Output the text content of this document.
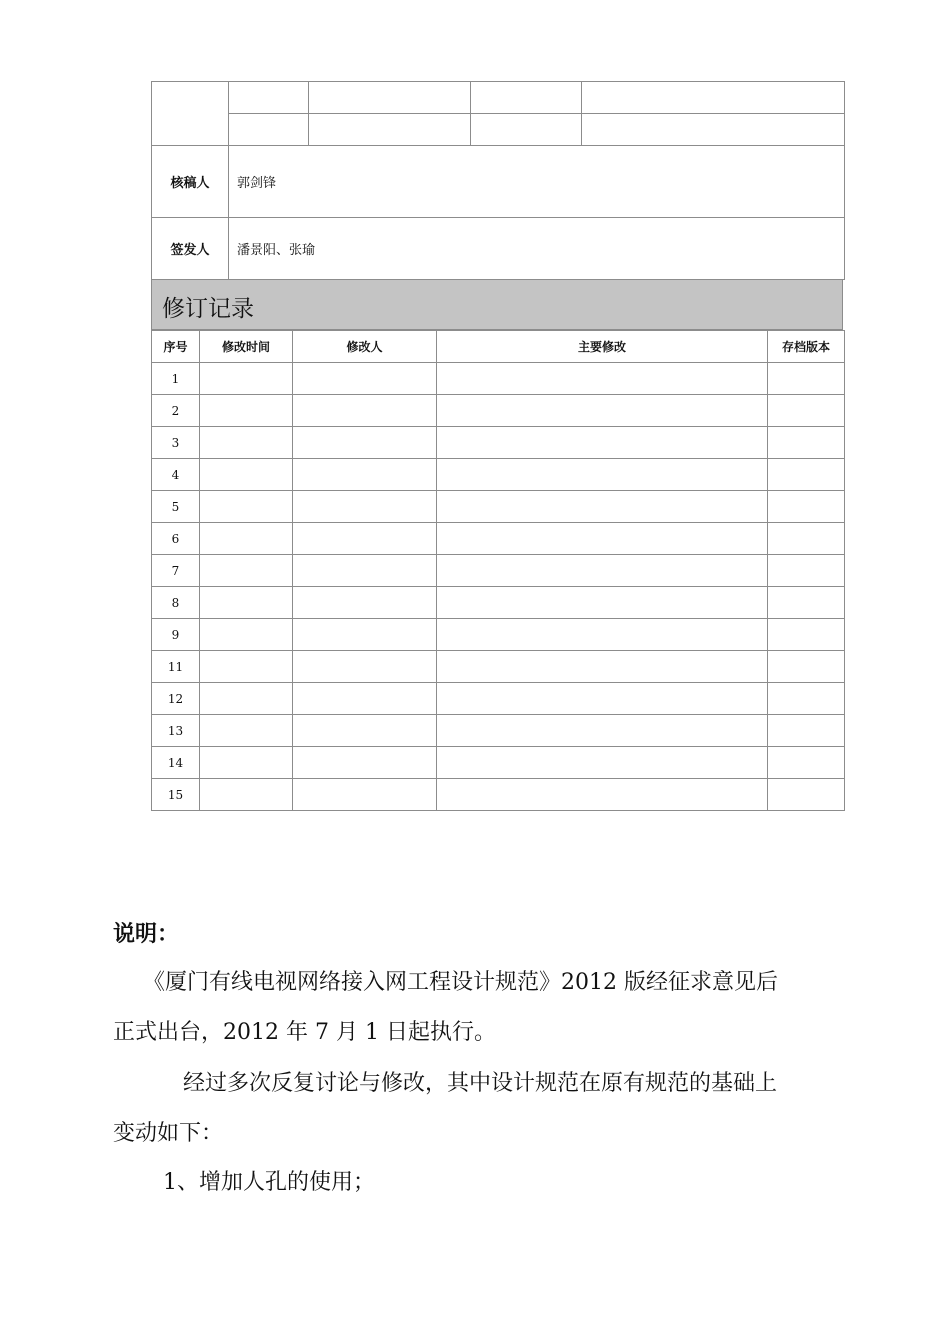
核稿人	郭剑锋			
签发人	潘景阳、张瑜			
修订记录
序号	修改时间	修改人	主要修改	存档版本
1				
2				
3				
4				
5				
6				
7				
8				
9				
11				
12				
13				
14				
15				
说明：
《厦门有线电视网络接入网工程设计规范》2012 版经征求意见后
正式出台，2012 年 7 月 1 日起执行。
经过多次反复讨论与修改，其中设计规范在原有规范的基础上
变动如下：
1、增加人孔的使用；
